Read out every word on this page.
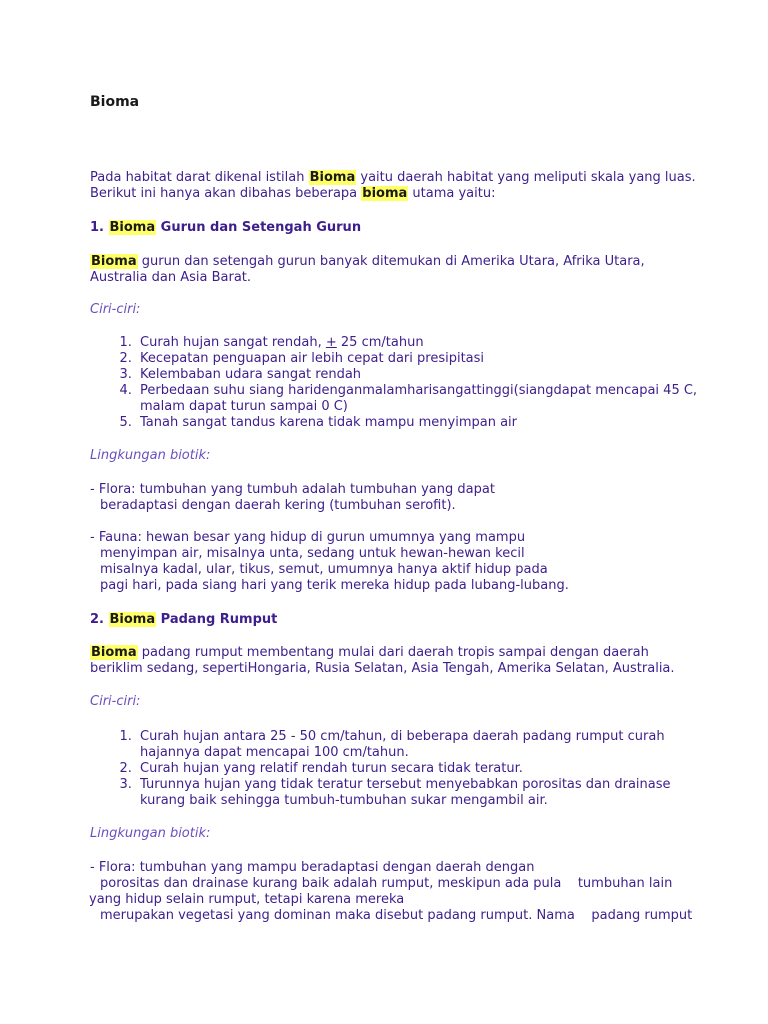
Bioma
Pada habitat darat dikenal istilah Bioma yaitu daerah habitat yang meliputi skala yang luas.
Berikut ini hanya akan dibahas beberapa bioma utama yaitu:
1. Bioma Gurun dan Setengah Gurun
Bioma gurun dan setengah gurun banyak ditemukan di Amerika Utara, Afrika Utara,
Australia dan Asia Barat.
Ciri-ciri:
1. Curah hujan sangat rendah, + 25 cm/tahun
2. Kecepatan penguapan air lebih cepat dari presipitasi
3. Kelembaban udara sangat rendah
4. Perbedaan suhu siang haridenganmalamharisangattinggi(siangdapat mencapai 45 C,
malam dapat turun sampai 0 C)
5. Tanah sangat tandus karena tidak mampu menyimpan air
Lingkungan biotik:
- Flora: tumbuhan yang tumbuh adalah tumbuhan yang dapat
beradaptasi dengan daerah kering (tumbuhan serofit).
- Fauna: hewan besar yang hidup di gurun umumnya yang mampu
menyimpan air, misalnya unta, sedang untuk hewan-hewan kecil
misalnya kadal, ular, tikus, semut, umumnya hanya aktif hidup pada
pagi hari, pada siang hari yang terik mereka hidup pada lubang-lubang.
2. Bioma Padang Rumput
Bioma padang rumput membentang mulai dari daerah tropis sampai dengan daerah
beriklim sedang, sepertiHongaria, Rusia Selatan, Asia Tengah, Amerika Selatan, Australia.
Ciri-ciri:
1. Curah hujan antara 25 - 50 cm/tahun, di beberapa daerah padang rumput curah
hajannya dapat mencapai 100 cm/tahun.
2. Curah hujan yang relatif rendah turun secara tidak teratur.
3. Turunnya hujan yang tidak teratur tersebut menyebabkan porositas dan drainase
kurang baik sehingga tumbuh-tumbuhan sukar mengambil air.
Lingkungan biotik:
- Flora: tumbuhan yang mampu beradaptasi dengan daerah dengan
porositas dan drainase kurang baik adalah rumput, meskipun ada pula    tumbuhan lain
yang hidup selain rumput, tetapi karena mereka
merupakan vegetasi yang dominan maka disebut padang rumput. Nama    padang rumput
